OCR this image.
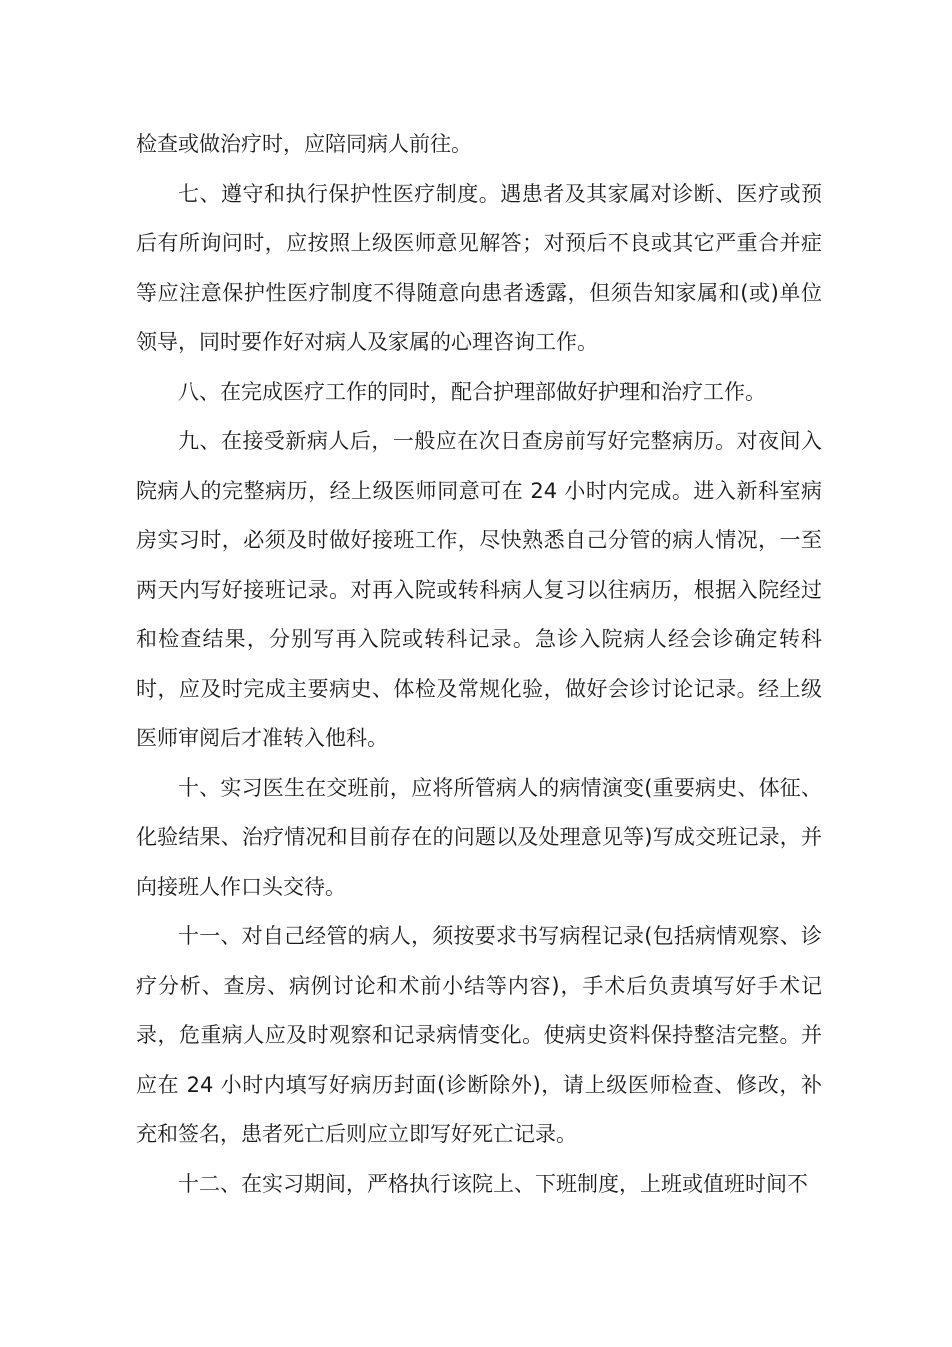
检查或做治疗时，应陪同病人前往。

七、遵守和执行保护性医疗制度。遇患者及其家属对诊断、医疗或预后有所询问时，应按照上级医师意见解答；对预后不良或其它严重合并症等应注意保护性医疗制度不得随意向患者透露，但须告知家属和(或)单位领导，同时要作好对病人及家属的心理咨询工作。

八、在完成医疗工作的同时，配合护理部做好护理和治疗工作。

九、在接受新病人后，一般应在次日查房前写好完整病历。对夜间入院病人的完整病历，经上级医师同意可在 24 小时内完成。进入新科室病房实习时，必须及时做好接班工作，尽快熟悉自己分管的病人情况，一至两天内写好接班记录。对再入院或转科病人复习以往病历，根据入院经过和检查结果，分别写再入院或转科记录。急诊入院病人经会诊确定转科时，应及时完成主要病史、体检及常规化验，做好会诊讨论记录。经上级医师审阅后才准转入他科。

十、实习医生在交班前，应将所管病人的病情演变(重要病史、体征、化验结果、治疗情况和目前存在的问题以及处理意见等)写成交班记录，并向接班人作口头交待。

十一、对自己经管的病人，须按要求书写病程记录(包括病情观察、诊疗分析、查房、病例讨论和术前小结等内容)，手术后负责填写好手术记录，危重病人应及时观察和记录病情变化。使病史资料保持整洁完整。并应在 24 小时内填写好病历封面(诊断除外)，请上级医师检查、修改，补充和签名，患者死亡后则应立即写好死亡记录。

十二、在实习期间，严格执行该院上、下班制度，上班或值班时间不
